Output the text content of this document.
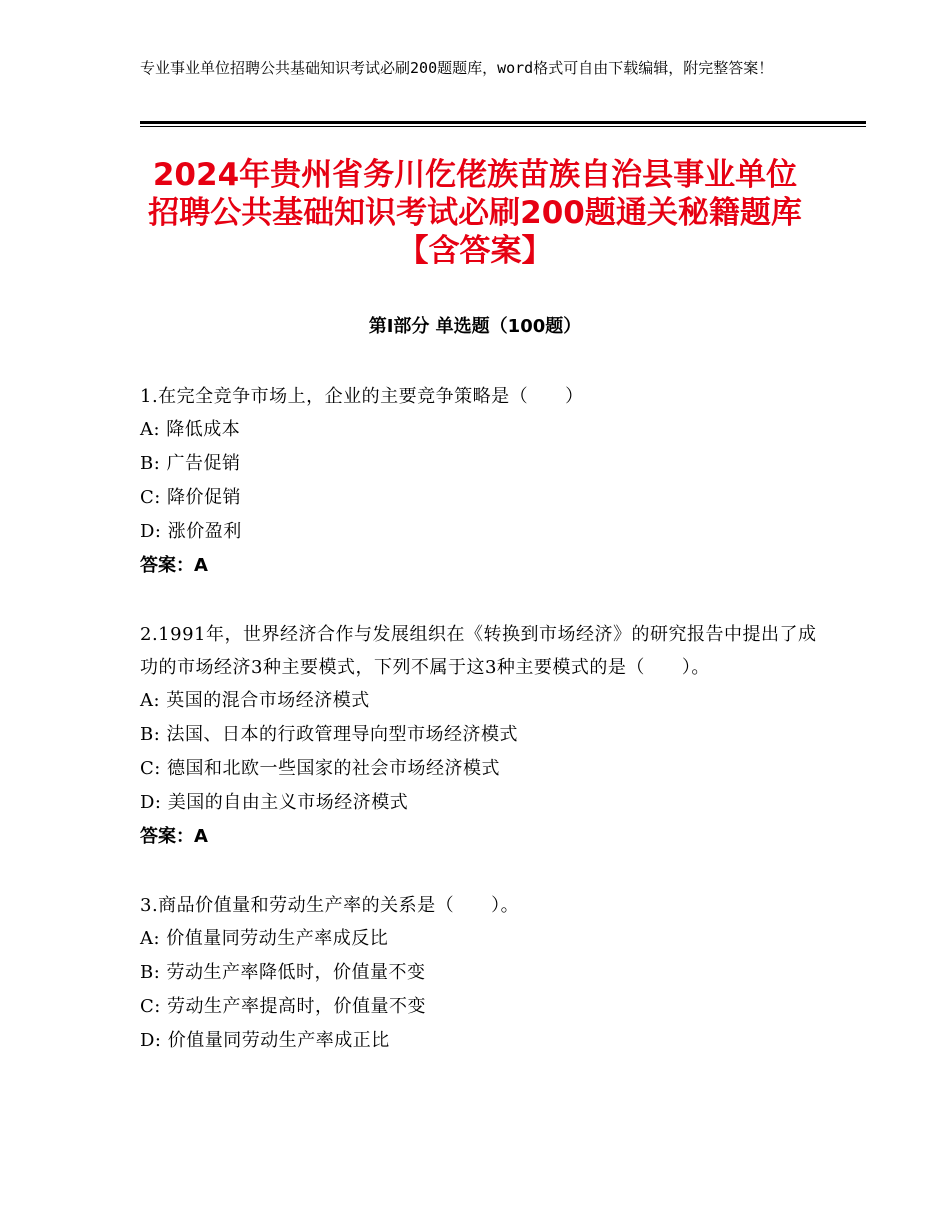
专业事业单位招聘公共基础知识考试必刷200题题库，word格式可自由下载编辑，附完整答案！
2024年贵州省务川仡佬族苗族自治县事业单位招聘公共基础知识考试必刷200题通关秘籍题库【含答案】
第Ⅰ部分 单选题（100题）
1.在完全竞争市场上，企业的主要竞争策略是（　　）
A: 降低成本
B: 广告促销
C: 降价促销
D: 涨价盈利
答案：A
2.1991年，世界经济合作与发展组织在《转换到市场经济》的研究报告中提出了成功的市场经济3种主要模式，下列不属于这3种主要模式的是（　　）。
A: 英国的混合市场经济模式
B: 法国、日本的行政管理导向型市场经济模式
C: 德国和北欧一些国家的社会市场经济模式
D: 美国的自由主义市场经济模式
答案：A
3.商品价值量和劳动生产率的关系是（　　）。
A: 价值量同劳动生产率成反比
B: 劳动生产率降低时，价值量不变
C: 劳动生产率提高时，价值量不变
D: 价值量同劳动生产率成正比
